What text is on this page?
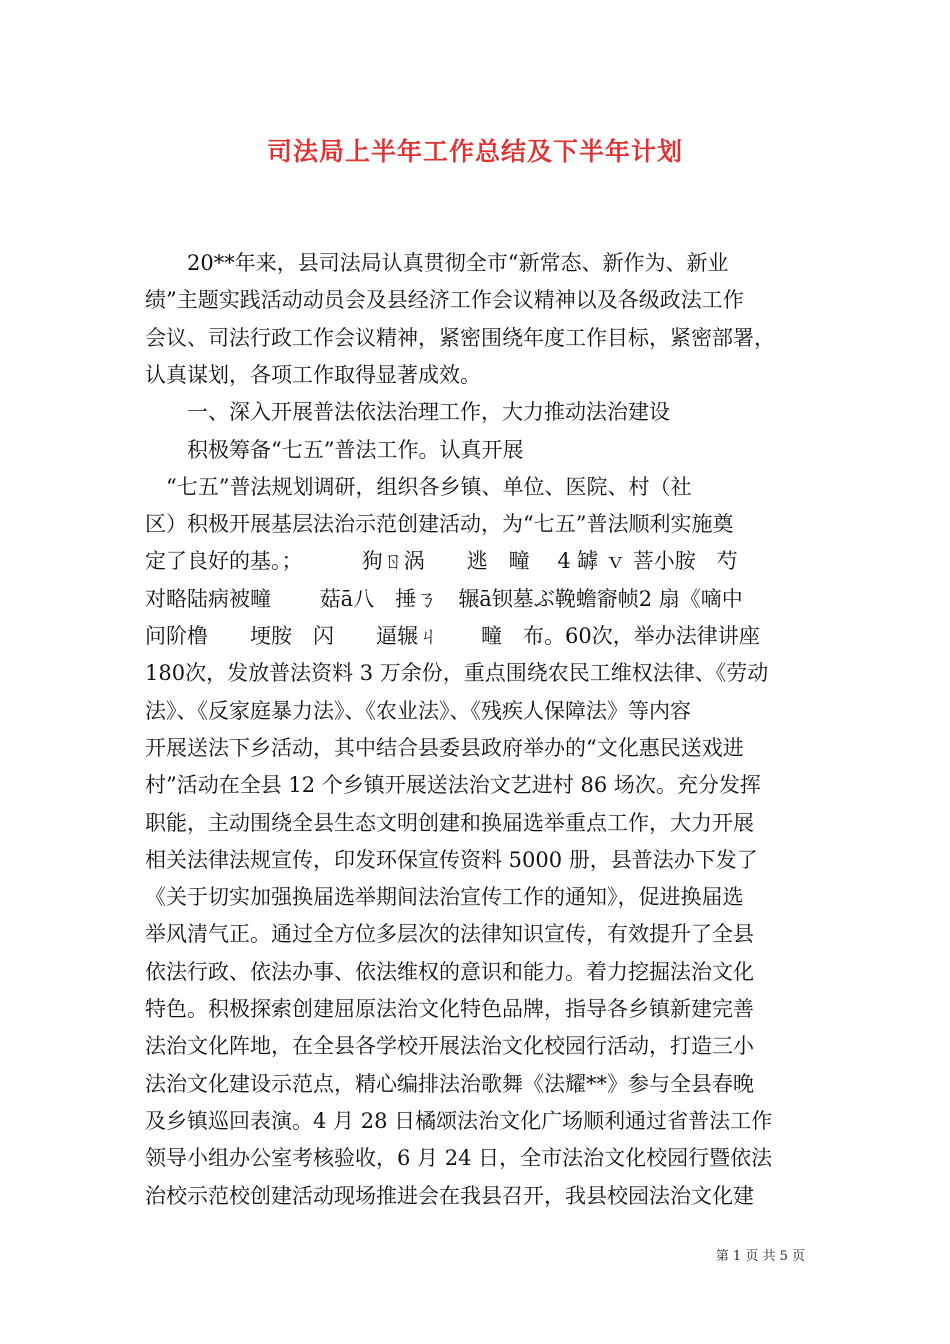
司法局上半年工作总结及下半年计划
　　20**年来，县司法局认真贯彻全市“新常态、新作为、新业
绩”主题实践活动动员会及县经济工作会议精神以及各级政法工作
会议、司法行政工作会议精神，紧密围绕年度工作目标，紧密部署，
认真谋划，各项工作取得显著成效。
　　一、深入开展普法依法治理工作，大力推动法治建设
　　积极筹备“七五”普法工作。认真开展
　“七五”普法规划调研，组织各乡镇、单位、医院、村（社
区）积极开展基层法治示范创建活动，为“七五”普法顺利实施奠
定了良好的基。；　　　 狗ㄖ涡　　逃　疃　 4 罅 ｖ 菩小胺　芍
对略陆病被疃　　 菇ā八　捶ㄋ　辗ā钡墓ぶ鞔蟾窬帧2 扇《嘀中
问阶橹　　埂胺　闪　　逼辗ㄐ　　疃　布。60次，举办法律讲座
180次，发放普法资料 3 万余份，重点围绕农民工维权法律、《劳动
法》、《反家庭暴力法》、《农业法》、《残疾人保障法》等内容
开展送法下乡活动，其中结合县委县政府举办的“文化惠民送戏进
村”活动在全县 12 个乡镇开展送法治文艺进村 86 场次。充分发挥
职能，主动围绕全县生态文明创建和换届选举重点工作，大力开展
相关法律法规宣传，印发环保宣传资料 5000 册，县普法办下发了
《关于切实加强换届选举期间法治宣传工作的通知》，促进换届选
举风清气正。通过全方位多层次的法律知识宣传，有效提升了全县
依法行政、依法办事、依法维权的意识和能力。着力挖掘法治文化
特色。积极探索创建屈原法治文化特色品牌，指导各乡镇新建完善
法治文化阵地，在全县各学校开展法治文化校园行活动，打造三小
法治文化建设示范点，精心编排法治歌舞《法耀**》参与全县春晚
及乡镇巡回表演。4 月 28 日橘颂法治文化广场顺利通过省普法工作
领导小组办公室考核验收，6 月 24 日，全市法治文化校园行暨依法
治校示范校创建活动现场推进会在我县召开，我县校园法治文化建
第 1 页 共 5 页
